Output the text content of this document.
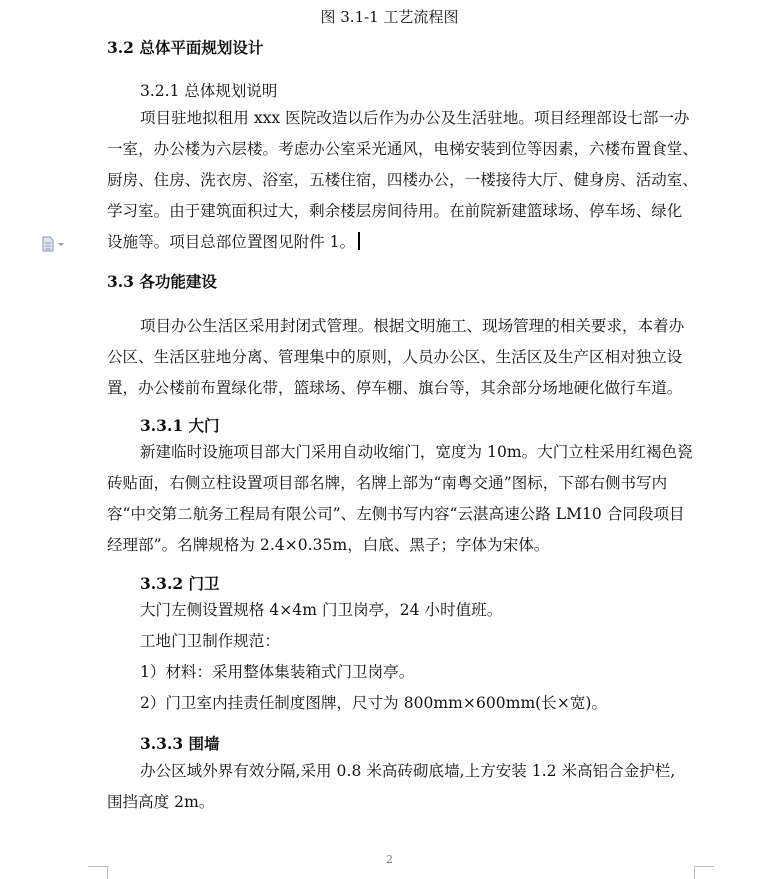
图 3.1-1 工艺流程图
3.2 总体平面规划设计
3.2.1 总体规划说明
项目驻地拟租用 xxx 医院改造以后作为办公及生活驻地。项目经理部设七部一办
一室，办公楼为六层楼。考虑办公室采光通风，电梯安装到位等因素，六楼布置食堂、
厨房、住房、洗衣房、浴室，五楼住宿，四楼办公，一楼接待大厅、健身房、活动室、
学习室。由于建筑面积过大，剩余楼层房间待用。在前院新建篮球场、停车场、绿化
设施等。项目总部位置图见附件 1。
3.3 各功能建设
项目办公生活区采用封闭式管理。根据文明施工、现场管理的相关要求，本着办
公区、生活区驻地分离、管理集中的原则，人员办公区、生活区及生产区相对独立设
置，办公楼前布置绿化带，篮球场、停车棚、旗台等，其余部分场地硬化做行车道。
3.3.1 大门
新建临时设施项目部大门采用自动收缩门，宽度为 10m。大门立柱采用红褐色瓷
砖贴面，右侧立柱设置项目部名牌，名牌上部为“南粤交通”图标，下部右侧书写内
容“中交第二航务工程局有限公司”、左侧书写内容“云湛高速公路 LM10 合同段项目
经理部”。名牌规格为 2.4×0.35m，白底、黑子；字体为宋体。
3.3.2 门卫
大门左侧设置规格 4×4m 门卫岗亭，24 小时值班。
工地门卫制作规范：
1）材料：采用整体集装箱式门卫岗亭。
2）门卫室内挂责任制度图牌，尺寸为 800mm×600mm(长×宽)。
3.3.3 围墙
办公区域外界有效分隔,采用 0.8 米高砖砌底墙,上方安装 1.2 米高铝合金护栏,
围挡高度 2m。
2
